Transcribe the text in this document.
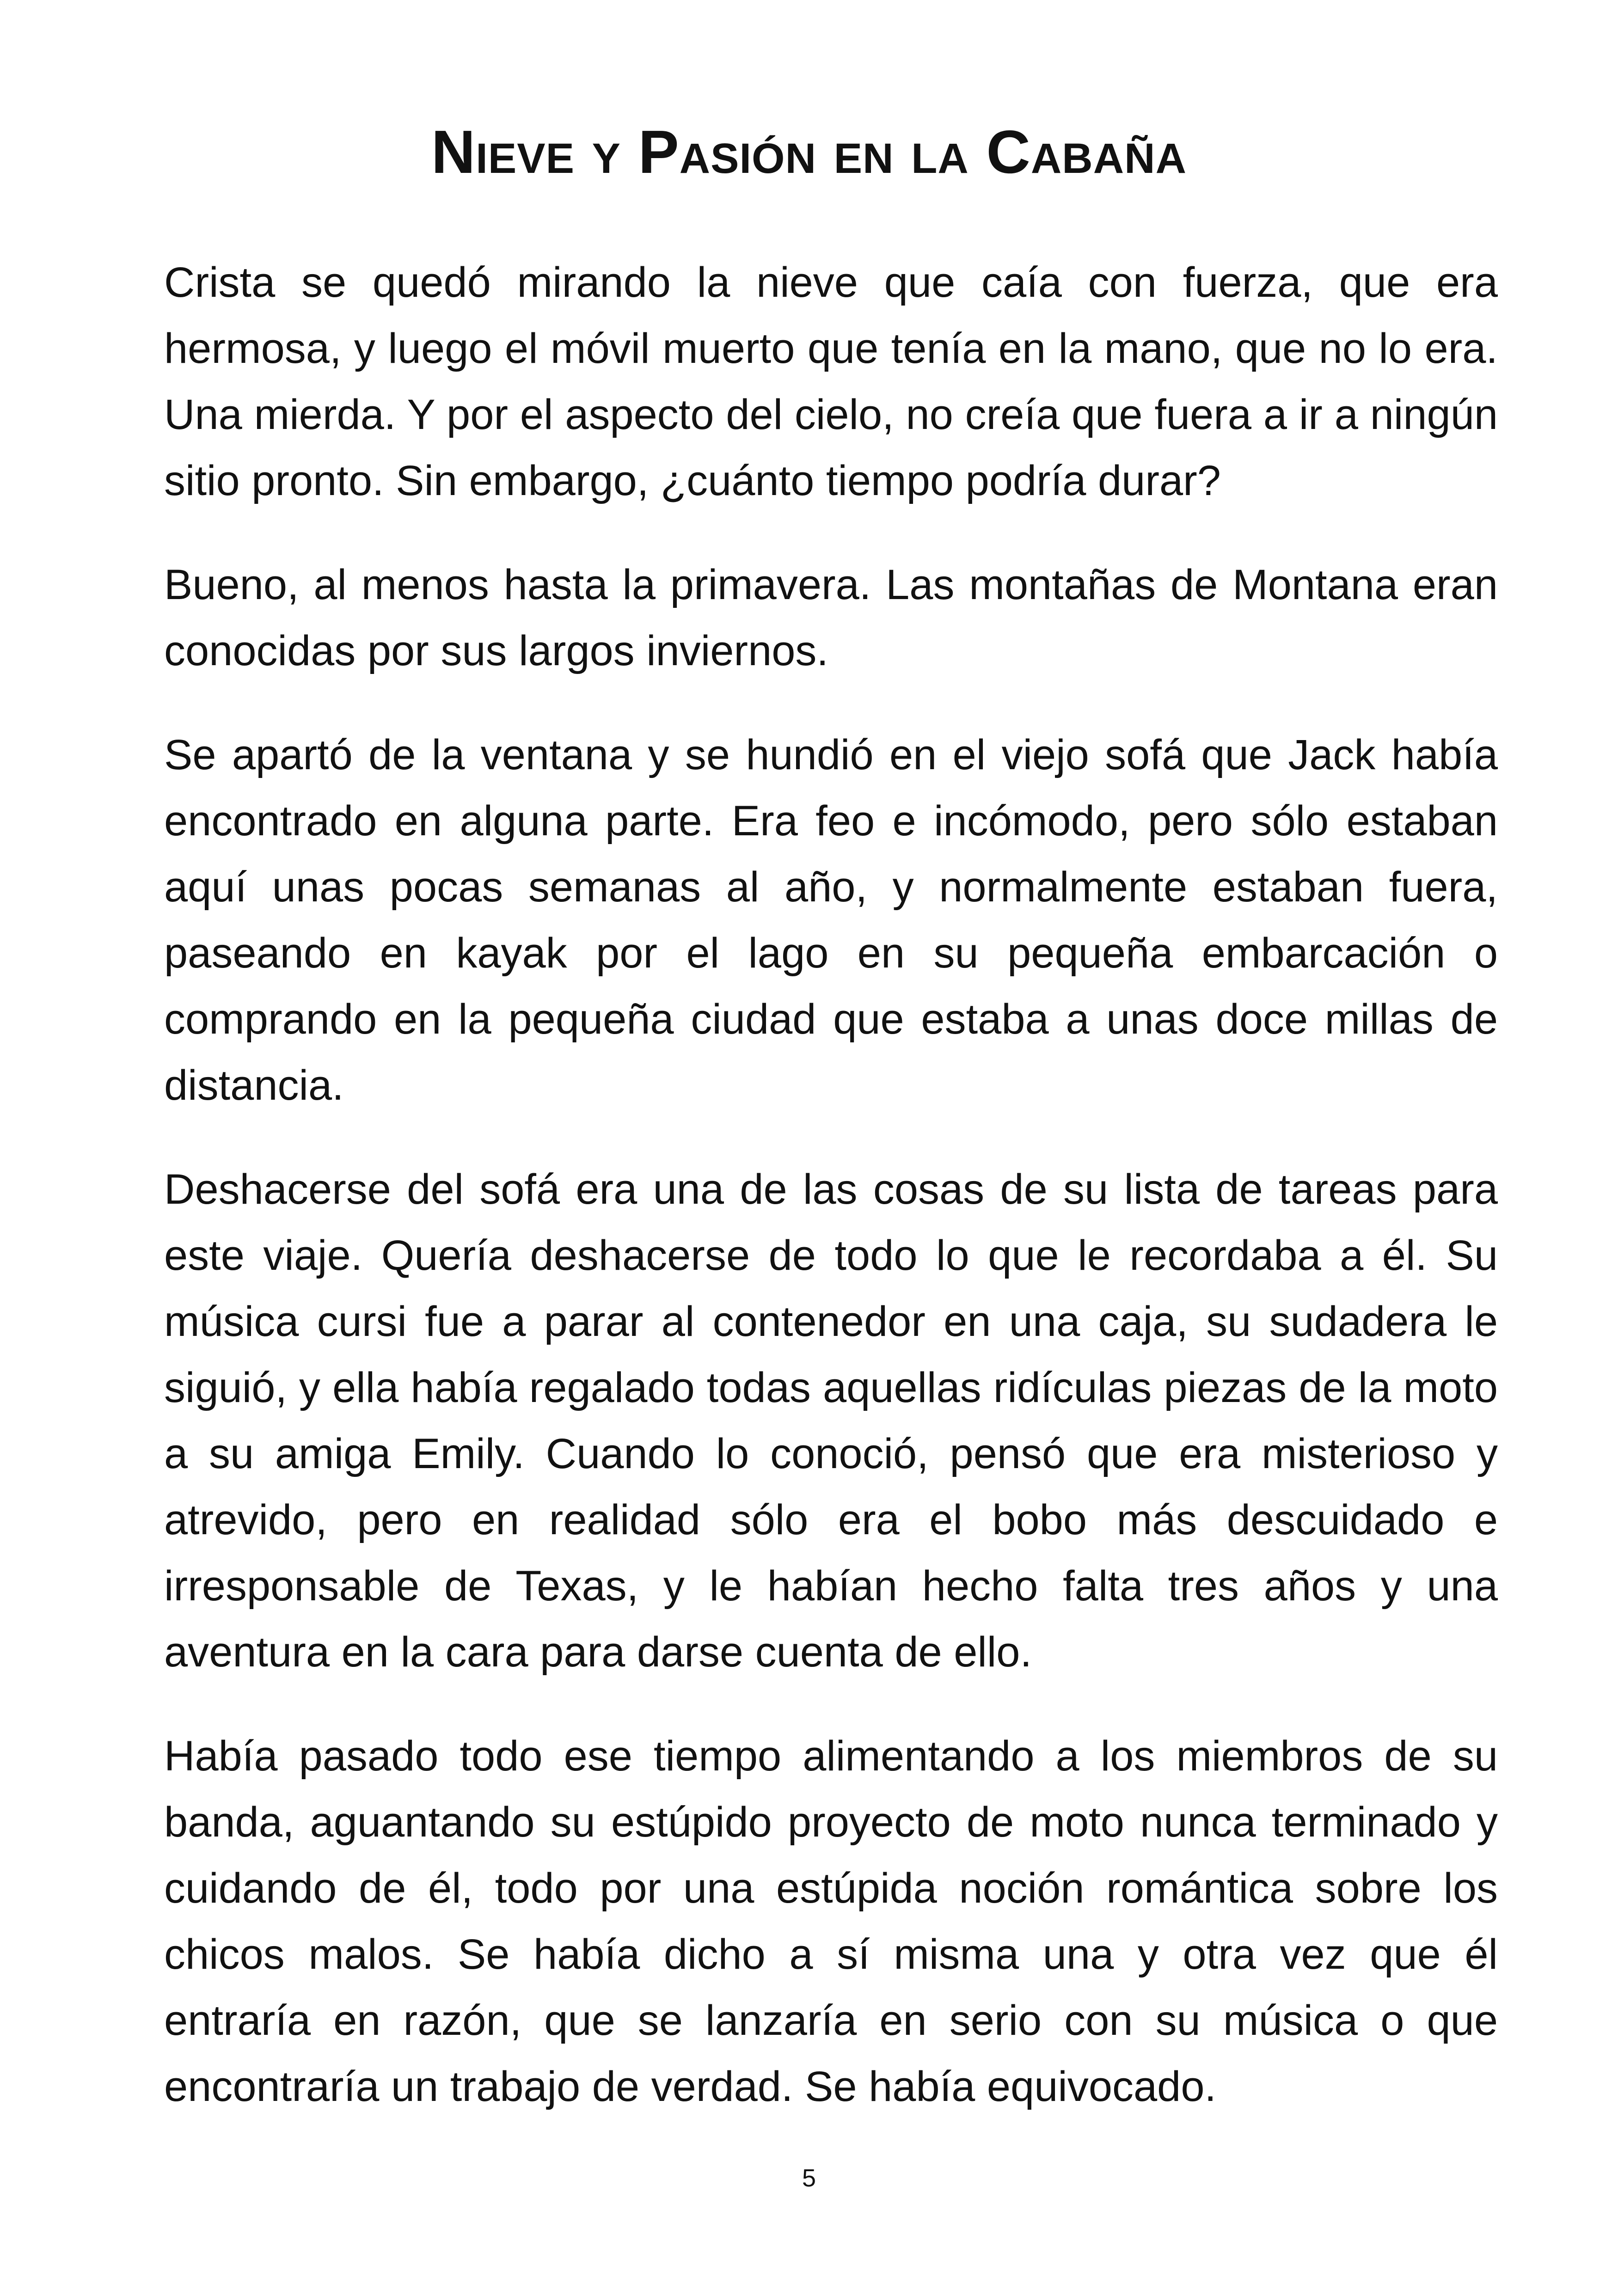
Nieve y Pasión en la Cabaña

Crista se quedó mirando la nieve que caía con fuerza, que era hermosa, y luego el móvil muerto que tenía en la mano, que no lo era. Una mierda. Y por el aspecto del cielo, no creía que fuera a ir a ningún sitio pronto. Sin embargo, ¿cuánto tiempo podría durar?

Bueno, al menos hasta la primavera. Las montañas de Montana eran conocidas por sus largos inviernos.

Se apartó de la ventana y se hundió en el viejo sofá que Jack había encontrado en alguna parte. Era feo e incómodo, pero sólo estaban aquí unas pocas semanas al año, y normalmente estaban fuera, paseando en kayak por el lago en su pequeña embarcación o comprando en la pequeña ciudad que estaba a unas doce millas de distancia.

Deshacerse del sofá era una de las cosas de su lista de tareas para este viaje. Quería deshacerse de todo lo que le recordaba a él. Su música cursi fue a parar al contenedor en una caja, su sudadera le siguió, y ella había regalado todas aquellas ridículas piezas de la moto a su amiga Emily. Cuando lo conoció, pensó que era misterioso y atrevido, pero en realidad sólo era el bobo más descuidado e irresponsable de Texas, y le habían hecho falta tres años y una aventura en la cara para darse cuenta de ello.

Había pasado todo ese tiempo alimentando a los miembros de su banda, aguantando su estúpido proyecto de moto nunca terminado y cuidando de él, todo por una estúpida noción romántica sobre los chicos malos. Se había dicho a sí misma una y otra vez que él entraría en razón, que se lanzaría en serio con su música o que encontraría un trabajo de verdad. Se había equivocado.

5
